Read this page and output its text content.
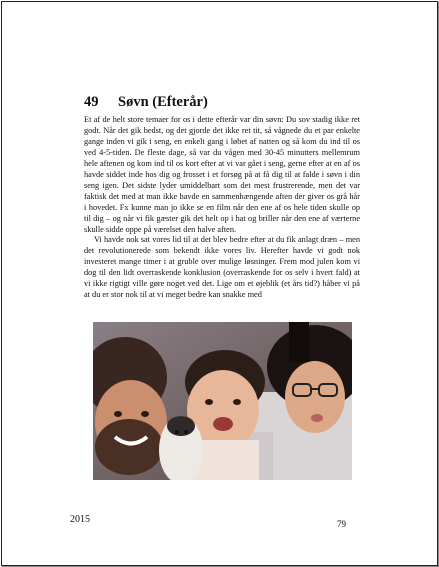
49 Søvn (Efterår)

Et af de helt store temaer for os i dette efterår var din søvn: Du sov stadig ikke ret godt. Når det gik bedst, og det gjorde det ikke ret tit, så vågnede du et par enkelte gange inden vi gik i seng, en enkelt gang i løbet af natten og så kom du ind til os ved 4-5-tiden. De fleste dage, så var du vågen med 30-45 minutters mellemrum hele aftenen og kom ind til os kort efter at vi var gået i seng, gerne efter at en af os havde siddet inde hos dig og frosset i et forsøg på at få dig til at falde i søvn i din seng igen. Det sidste lyder umiddelbart som det mest frustrerende, men det var faktisk det med at man ikke havde en sammenhængende aften der giver os grå hår i hovedet. Fx kunne man jo ikke se en film når den ene af os hele tiden skulle op til dig – og når vi fik gæster gik det helt op i hat og briller når den ene af værterne skulle sidde oppe på værelset den halve aften.

Vi havde nok sat vores lid til at det blev bedre efter at du fik anlagt dræn – men det revolutionerede som bekendt ikke vores liv. Herefter havde vi godt nok investeret mange timer i at gruble over mulige løsninger. Frem mod julen kom vi dog til den lidt overraskende konklusion (overraskende for os selv i hvert fald) at vi ikke rigtigt ville gøre noget ved det. Lige om et øjeblik (et års tid?) håber vi på at du er stor nok til at vi meget bedre kan snakke med

2015	79
